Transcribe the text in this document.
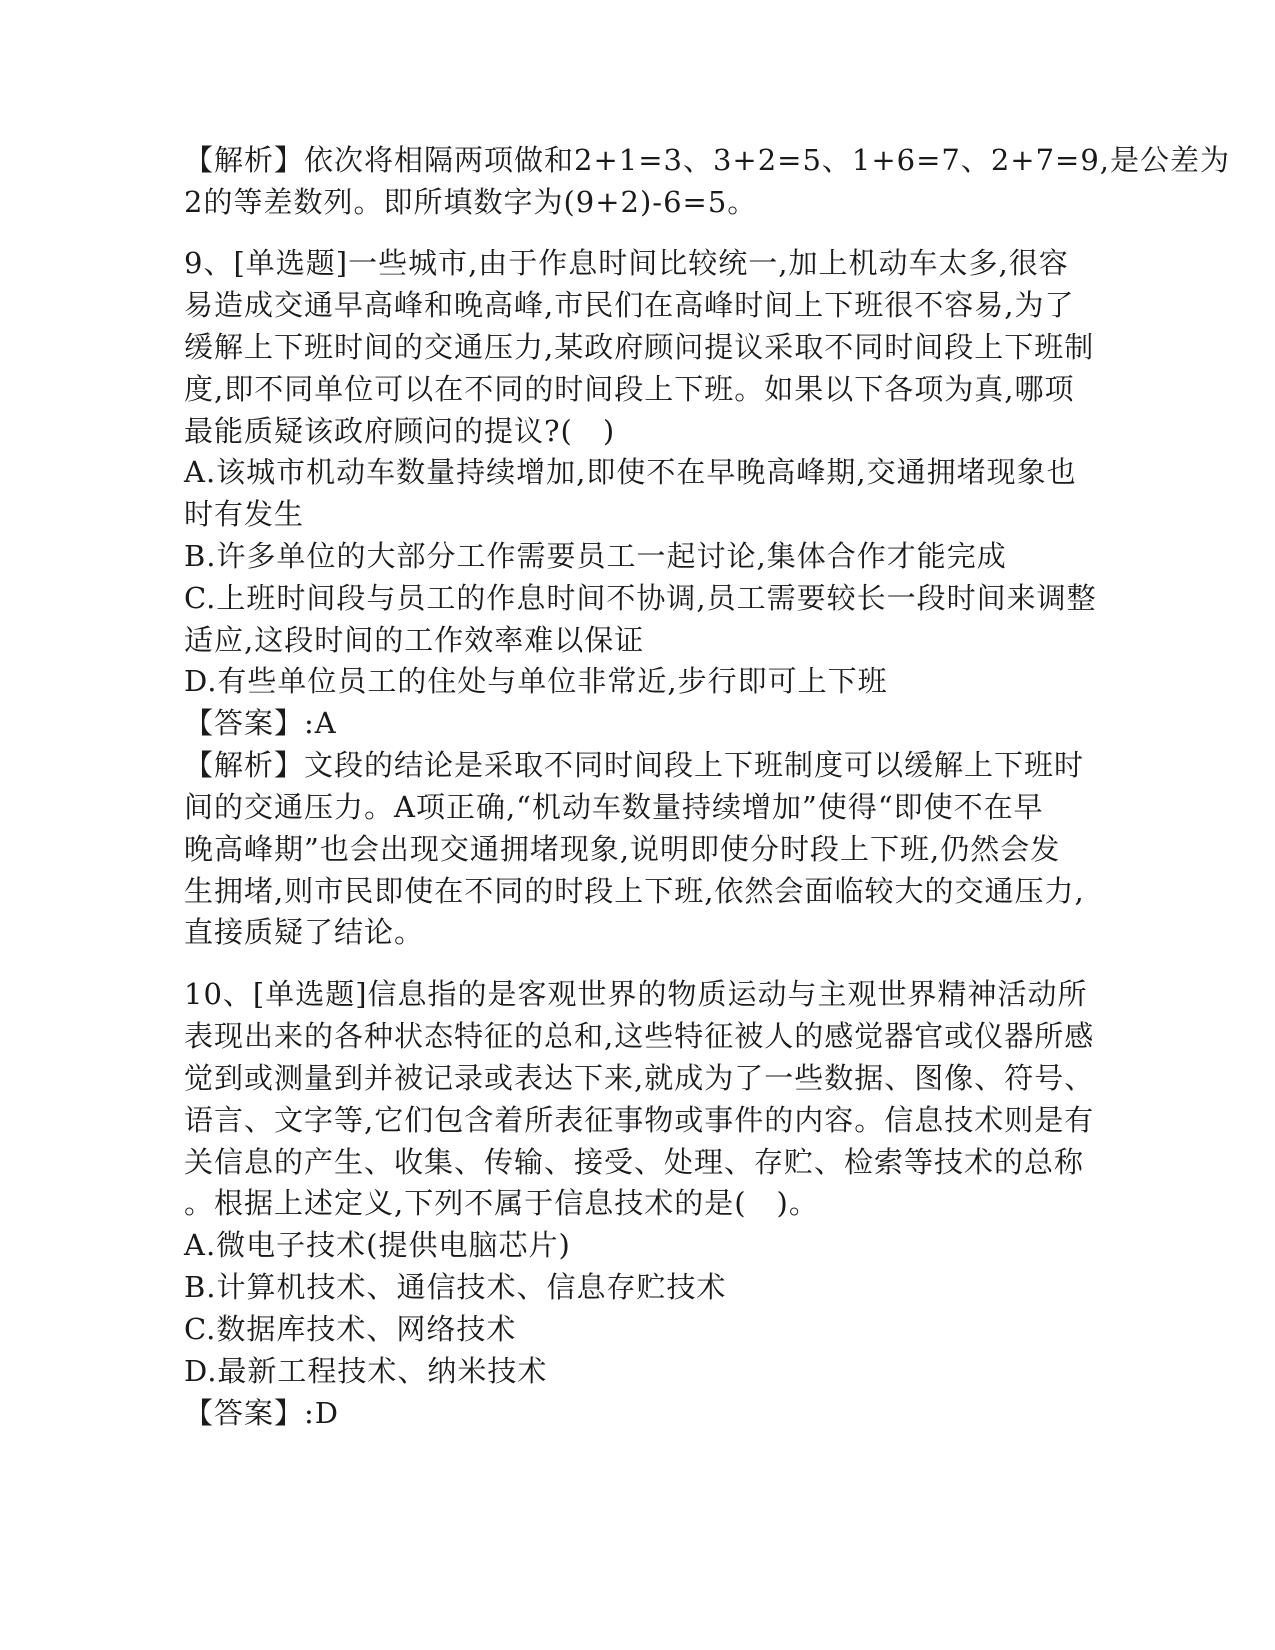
【解析】依次将相隔两项做和2+1=3、3+2=5、1+6=7、2+7=9,是公差为
2的等差数列。即所填数字为(9+2)-6=5。
9、[单选题]一些城市,由于作息时间比较统一,加上机动车太多,很容
易造成交通早高峰和晚高峰,市民们在高峰时间上下班很不容易,为了
缓解上下班时间的交通压力,某政府顾问提议采取不同时间段上下班制
度,即不同单位可以在不同的时间段上下班。如果以下各项为真,哪项
最能质疑该政府顾问的提议?(　)
A.该城市机动车数量持续增加,即使不在早晚高峰期,交通拥堵现象也
时有发生
B.许多单位的大部分工作需要员工一起讨论,集体合作才能完成
C.上班时间段与员工的作息时间不协调,员工需要较长一段时间来调整
适应,这段时间的工作效率难以保证
D.有些单位员工的住处与单位非常近,步行即可上下班
【答案】:A
【解析】文段的结论是采取不同时间段上下班制度可以缓解上下班时
间的交通压力。A项正确,“机动车数量持续增加”使得“即使不在早
晚高峰期”也会出现交通拥堵现象,说明即使分时段上下班,仍然会发
生拥堵,则市民即使在不同的时段上下班,依然会面临较大的交通压力,
直接质疑了结论。
10、[单选题]信息指的是客观世界的物质运动与主观世界精神活动所
表现出来的各种状态特征的总和,这些特征被人的感觉器官或仪器所感
觉到或测量到并被记录或表达下来,就成为了一些数据、图像、符号、
语言、文字等,它们包含着所表征事物或事件的内容。信息技术则是有
关信息的产生、收集、传输、接受、处理、存贮、检索等技术的总称
。根据上述定义,下列不属于信息技术的是(　)。
A.微电子技术(提供电脑芯片)
B.计算机技术、通信技术、信息存贮技术
C.数据库技术、网络技术
D.最新工程技术、纳米技术
【答案】:D
